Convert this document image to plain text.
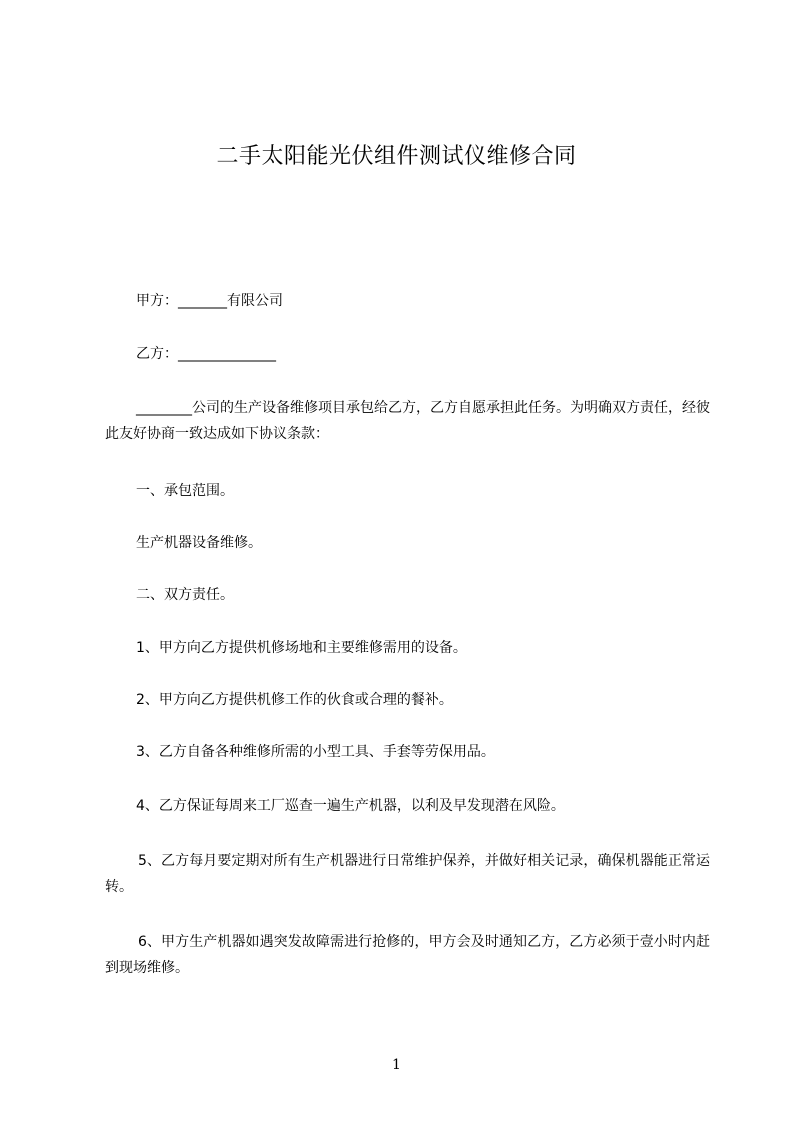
二手太阳能光伏组件测试仪维修合同
甲方：_______有限公司
乙方：______________
________公司的生产设备维修项目承包给乙方，乙方自愿承担此任务。为明确双方责任，经彼此友好协商一致达成如下协议条款：
一、承包范围。
生产机器设备维修。
二、双方责任。
1、甲方向乙方提供机修场地和主要维修需用的设备。
2、甲方向乙方提供机修工作的伙食或合理的餐补。
3、乙方自备各种维修所需的小型工具、手套等劳保用品。
4、乙方保证每周来工厂巡查一遍生产机器，以利及早发现潜在风险。
5、乙方每月要定期对所有生产机器进行日常维护保养，并做好相关记录，确保机器能正常运转。
6、甲方生产机器如遇突发故障需进行抢修的，甲方会及时通知乙方，乙方必须于壹小时内赶到现场维修。
1
